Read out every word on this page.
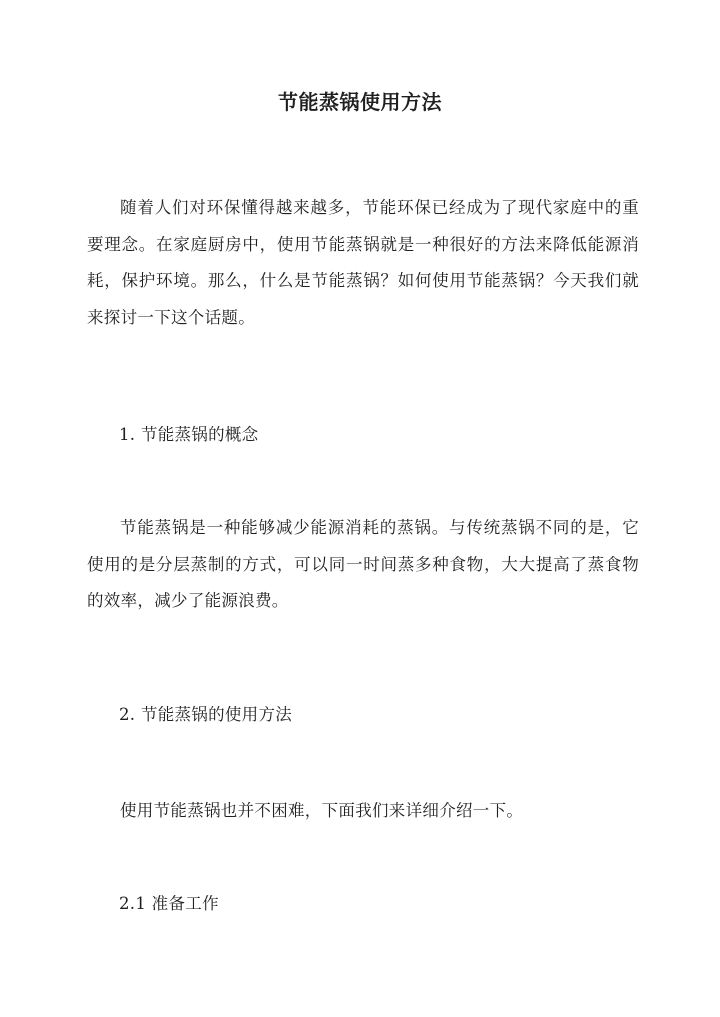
节能蒸锅使用方法
随着人们对环保懂得越来越多，节能环保已经成为了现代家庭中的重要理念。在家庭厨房中，使用节能蒸锅就是一种很好的方法来降低能源消耗，保护环境。那么，什么是节能蒸锅？如何使用节能蒸锅？今天我们就来探讨一下这个话题。
1. 节能蒸锅的概念
节能蒸锅是一种能够减少能源消耗的蒸锅。与传统蒸锅不同的是，它使用的是分层蒸制的方式，可以同一时间蒸多种食物，大大提高了蒸食物的效率，减少了能源浪费。
2. 节能蒸锅的使用方法
使用节能蒸锅也并不困难，下面我们来详细介绍一下。
2.1 准备工作
